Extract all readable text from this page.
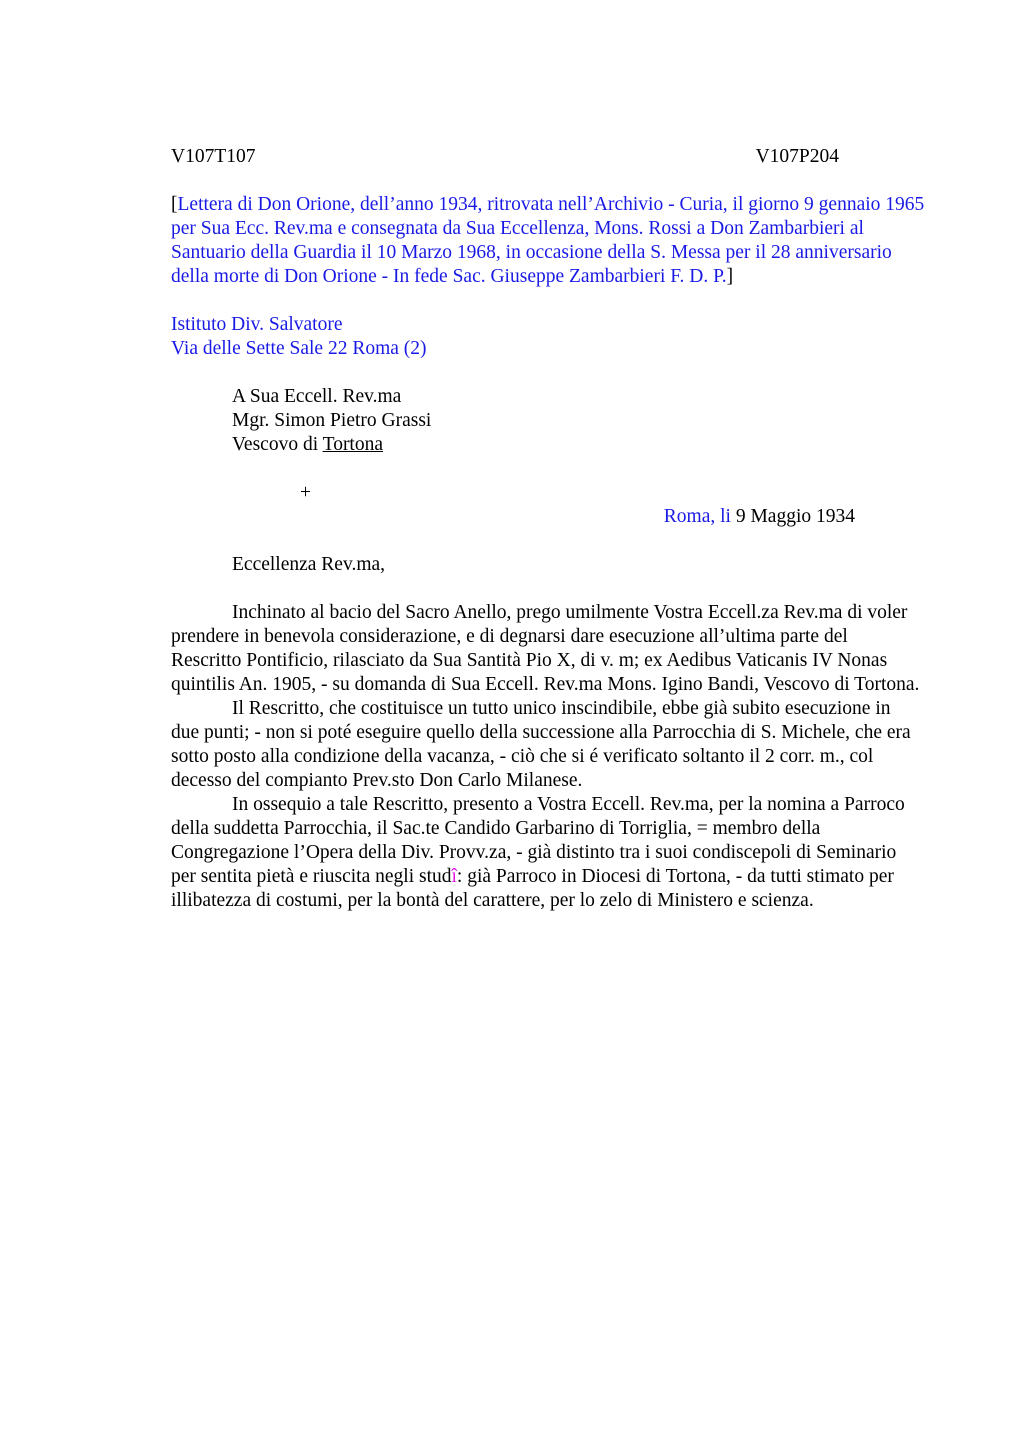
V107T107	V107P204
[Lettera di Don Orione, dell’anno 1934, ritrovata nell’Archivio - Curia, il giorno 9 gennaio 1965 per Sua Ecc. Rev.ma e consegnata da Sua Eccellenza, Mons. Rossi a Don Zambarbieri al Santuario della Guardia il 10 Marzo 1968, in occasione della S. Messa per il 28 anniversario della morte di Don Orione - In fede Sac. Giuseppe Zambarbieri F. D. P.]
Istituto Div. Salvatore
Via delle Sette Sale 22 Roma (2)
A Sua Eccell. Rev.ma
Mgr. Simon Pietro Grassi
Vescovo di Tortona
+
Roma, li 9 Maggio 1934
Eccellenza Rev.ma,

Inchinato al bacio del Sacro Anello, prego umilmente Vostra Eccell.za Rev.ma di voler prendere in benevola considerazione, e di degnarsi dare esecuzione all’ultima parte del Rescritto Pontificio, rilasciato da Sua Santità Pio X, di v. m; ex Aedibus Vaticanis IV Nonas quintilis An. 1905, - su domanda di Sua Eccell. Rev.ma Mons. Igino Bandi, Vescovo di Tortona.

Il Rescritto, che costituisce un tutto unico inscindibile, ebbe già subito esecuzione in due punti; - non si poté eseguire quello della successione alla Parrocchia di S. Michele, che era sotto posto alla condizione della vacanza, - ciò che si é verificato soltanto il 2 corr. m., col decesso del compianto Prev.sto Don Carlo Milanese.

In ossequio a tale Rescritto, presento a Vostra Eccell. Rev.ma, per la nomina a Parroco della suddetta Parrocchia, il Sac.te Candido Garbarino di Torriglia, = membro della Congregazione l’Opera della Div. Provv.za, - già distinto tra i suoi condiscepoli di Seminario per sentita pietà e riuscita negli studî: già Parroco in Diocesi di Tortona, - da tutti stimato per illibatezza di costumi, per la bontà del carattere, per lo zelo di Ministero e scienza.
